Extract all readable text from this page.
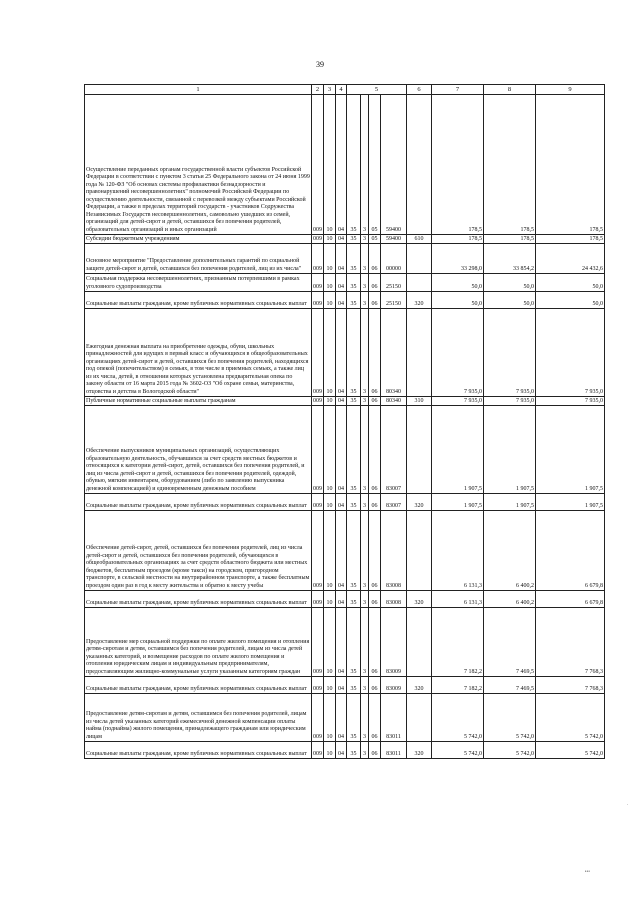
39
1	2	3	4	5				6	7	8	9
Осуществление переданных органам государственной власти субъектов Российской Федерации в соответствии с пунктом 3 статьи 25 Федерального закона от 24 июня 1999 года № 120-ФЗ "Об основах системы профилактики безнадзорности и правонарушений несовершеннолетних" полномочий Российской Федерации по осуществлению деятельности, связанной с перевозкой между субъектами Российской Федерации, а также в пределах территорий государств - участников Содружества Независимых Государств несовершеннолетних, самовольно ушедших из семей, организаций для детей-сирот и детей, оставшихся без попечения родителей, образовательных организаций и иных организаций	009	10	04	35	3	05	59400		178,5	178,5	178,5
Субсидии бюджетным учреждениям	009	10	04	35	3	05	59400	610	178,5	178,5	178,5
Основное мероприятие "Предоставление дополнительных гарантий по социальной защите детей-сирот и детей, оставшихся без попечения родителей, лиц из их числа"	009	10	04	35	3	06	00000		33 298,0	33 854,2	24 432,6
Социальная поддержка несовершеннолетних, признанным потерпевшими в рамках уголовного судопроизводства	009	10	04	35	3	06	25150		50,0	50,0	50,0
Социальные выплаты гражданам, кроме публичных нормативных социальных выплат	009	10	04	35	3	06	25150	320	50,0	50,0	50,0
Ежегодная денежная выплата на приобретение одежды, обуви, школьных принадлежностей для идущих в первый класс и обучающихся в общеобразовательных организациях детей-сирот и детей, оставшихся без попечения родителей, находящихся под опекой (попечительством) в семьях, в том числе в приемных семьях, а также лиц из их числа, детей, в отношении которых установлена предварительная опека по закону области от 16 марта 2015 года № 3602-ОЗ "Об охране семьи, материнства, отцовства и детства в Вологодской области"	009	10	04	35	3	06	80340		7 935,0	7 935,0	7 935,0
Публичные нормативные социальные выплаты гражданам	009	10	04	35	3	06	80340	310	7 935,0	7 935,0	7 935,0
Обеспечение выпускников муниципальных организаций, осуществляющих образовательную деятельность, обучавшихся за счет средств местных бюджетов и относящихся к категории детей-сирот, детей, оставшихся без попечения родителей, и лиц из числа детей-сирот и детей, оставшихся без попечения родителей, одеждой, обувью, мягким инвентарем, оборудованием (либо по заявлению выпускника денежной компенсацией) и единовременным денежным пособием	009	10	04	35	3	06	83007		1 907,5	1 907,5	1 907,5
Социальные выплаты гражданам, кроме публичных нормативных социальных выплат	009	10	04	35	3	06	83007	320	1 907,5	1 907,5	1 907,5
Обеспечение детей-сирот, детей, оставшихся без попечения родителей, лиц из числа детей-сирот и детей, оставшихся без попечения родителей, обучающихся в общеобразовательных организациях за счет средств областного бюджета или местных бюджетов, бесплатным проездом (кроме такси) на городском, пригородном транспорте, в сельской местности на внутрирайонном транспорте, а также бесплатным проездом один раз в год к месту жительства и обратно к месту учебы	009	10	04	35	3	06	83008		6 131,3	6 400,2	6 679,8
Социальные выплаты гражданам, кроме публичных нормативных социальных выплат	009	10	04	35	3	06	83008	320	6 131,3	6 400,2	6 679,8
Предоставление мер социальной поддержки по оплате жилого помещения и отопления детям-сиротам и детям, оставшимся без попечения родителей, лицам из числа детей указанных категорий, и возмещение расходов по оплате жилого помещения и отопления юридическим лицам и индивидуальным предпринимателям, предоставляющим жилищно-коммунальные услуги указанным категориям граждан	009	10	04	35	3	06	83009		7 182,2	7 469,5	7 768,3
Социальные выплаты гражданам, кроме публичных нормативных социальных выплат	009	10	04	35	3	06	83009	320	7 182,2	7 469,5	7 768,3
Предоставление детям-сиротам и детям, оставшимся без попечения родителей, лицам из числа детей указанных категорий ежемесячной денежной компенсации оплаты найма (поднайма) жилого помещения, принадлежащего гражданам или юридическим лицам	009	10	04	35	3	06	83011		5 742,0	5 742,0	5 742,0
Социальные выплаты гражданам, кроме публичных нормативных социальных выплат	009	10	04	35	3	06	83011	320	5 742,0	5 742,0	5 742,0
•••
.
